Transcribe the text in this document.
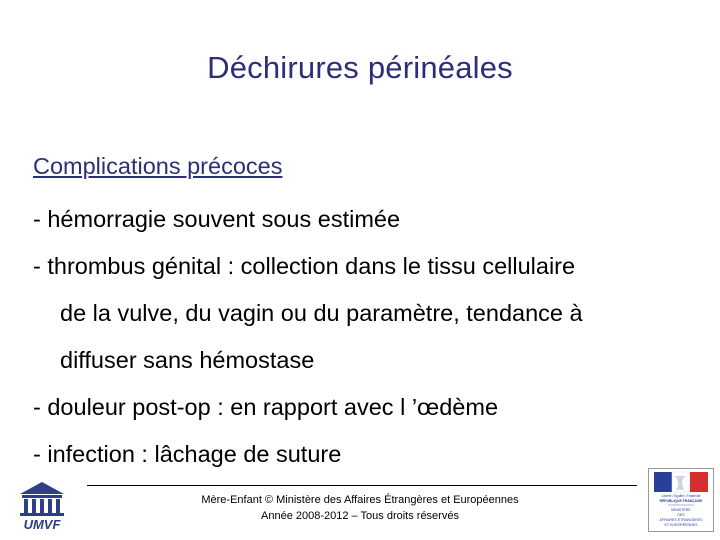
Déchirures périnéales

Complications précoces

- hémorragie souvent sous estimée

- thrombus génital : collection dans le tissu cellulaire
de la vulve, du vagin ou du paramètre, tendance à
diffuser sans hémostase

- douleur post-op : en rapport avec l ’œdème

- infection : lâchage de suture

Mère-Enfant © Ministère des Affaires Étrangères et Européennes
Année 2008-2012 – Tous droits réservés
UMVF
Liberté • Égalité • Fraternité
RÉPUBLIQUE FRANÇAISE
MINISTÈRE
DES
AFFAIRES ÉTRANGÈRES
ET EUROPÉENNES
